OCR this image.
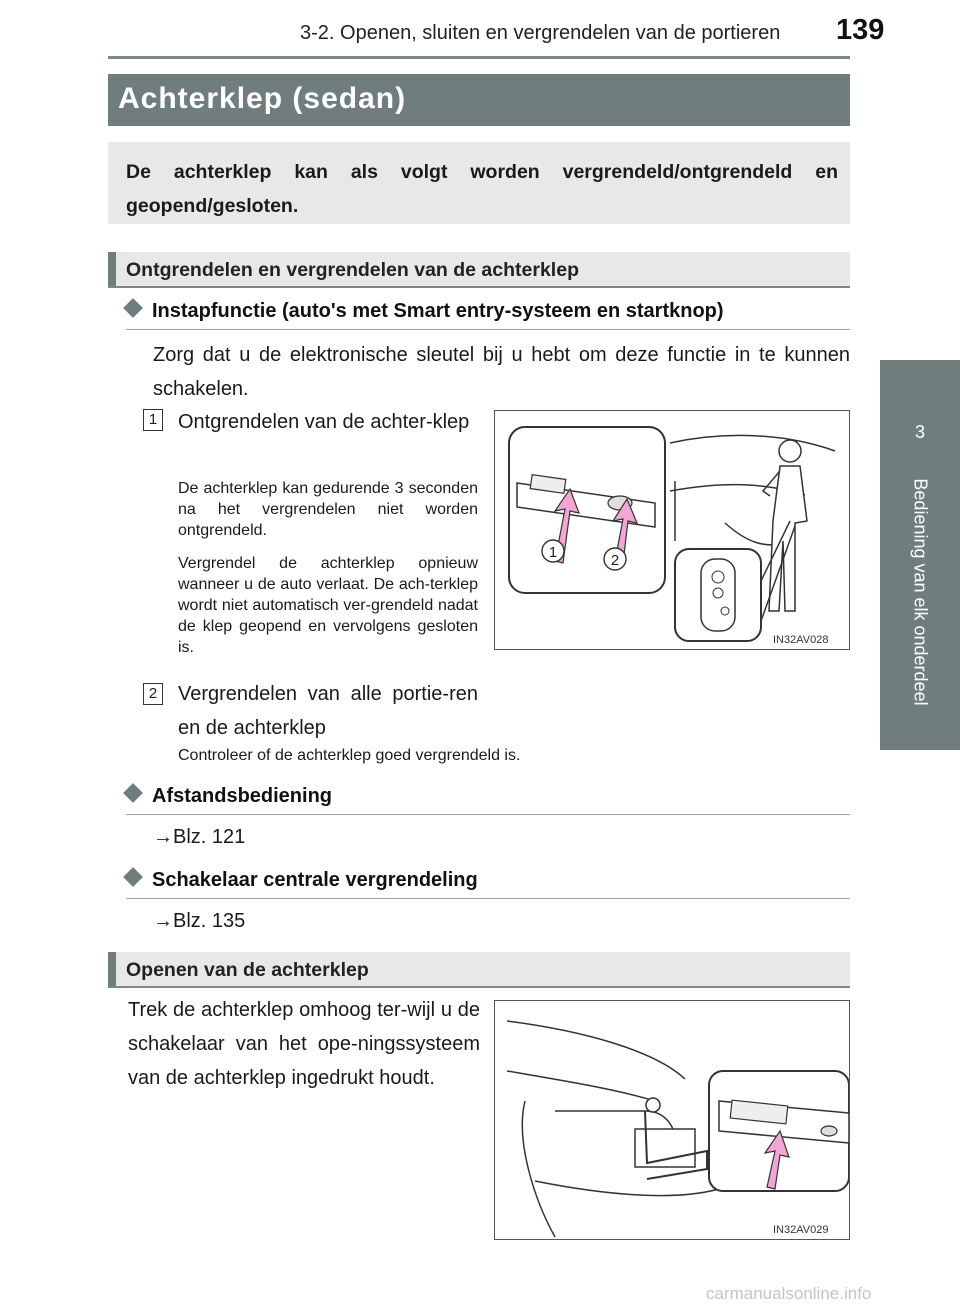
3-2. Openen, sluiten en vergrendelen van de portieren 139
3
Bediening van elk onderdeel
Achterklep (sedan)
De achterklep kan als volgt worden vergrendeld/ontgrendeld en geopend/gesloten.
Ontgrendelen en vergrendelen van de achterklep
Instapfunctie (auto's met Smart entry-systeem en startknop)
Zorg dat u de elektronische sleutel bij u hebt om deze functie in te kunnen schakelen.
1 Ontgrendelen van de achter-klep
De achterklep kan gedurende 3 seconden na het vergrendelen niet worden ontgrendeld.
Vergrendel de achterklep opnieuw wanneer u de auto verlaat. De ach-terklep wordt niet automatisch ver-grendeld nadat de klep geopend en vervolgens gesloten is.
2 Vergrendelen van alle portie-ren en de achterklep
Controleer of de achterklep goed vergrendeld is.
1	2
IN32AV028
Afstandsbediening
→Blz. 121
Schakelaar centrale vergrendeling
→Blz. 135
Openen van de achterklep
Trek de achterklep omhoog ter-wijl u de schakelaar van het ope-ningssysteem van de achterklep ingedrukt houdt.
IN32AV029
carmanualsonline.info
